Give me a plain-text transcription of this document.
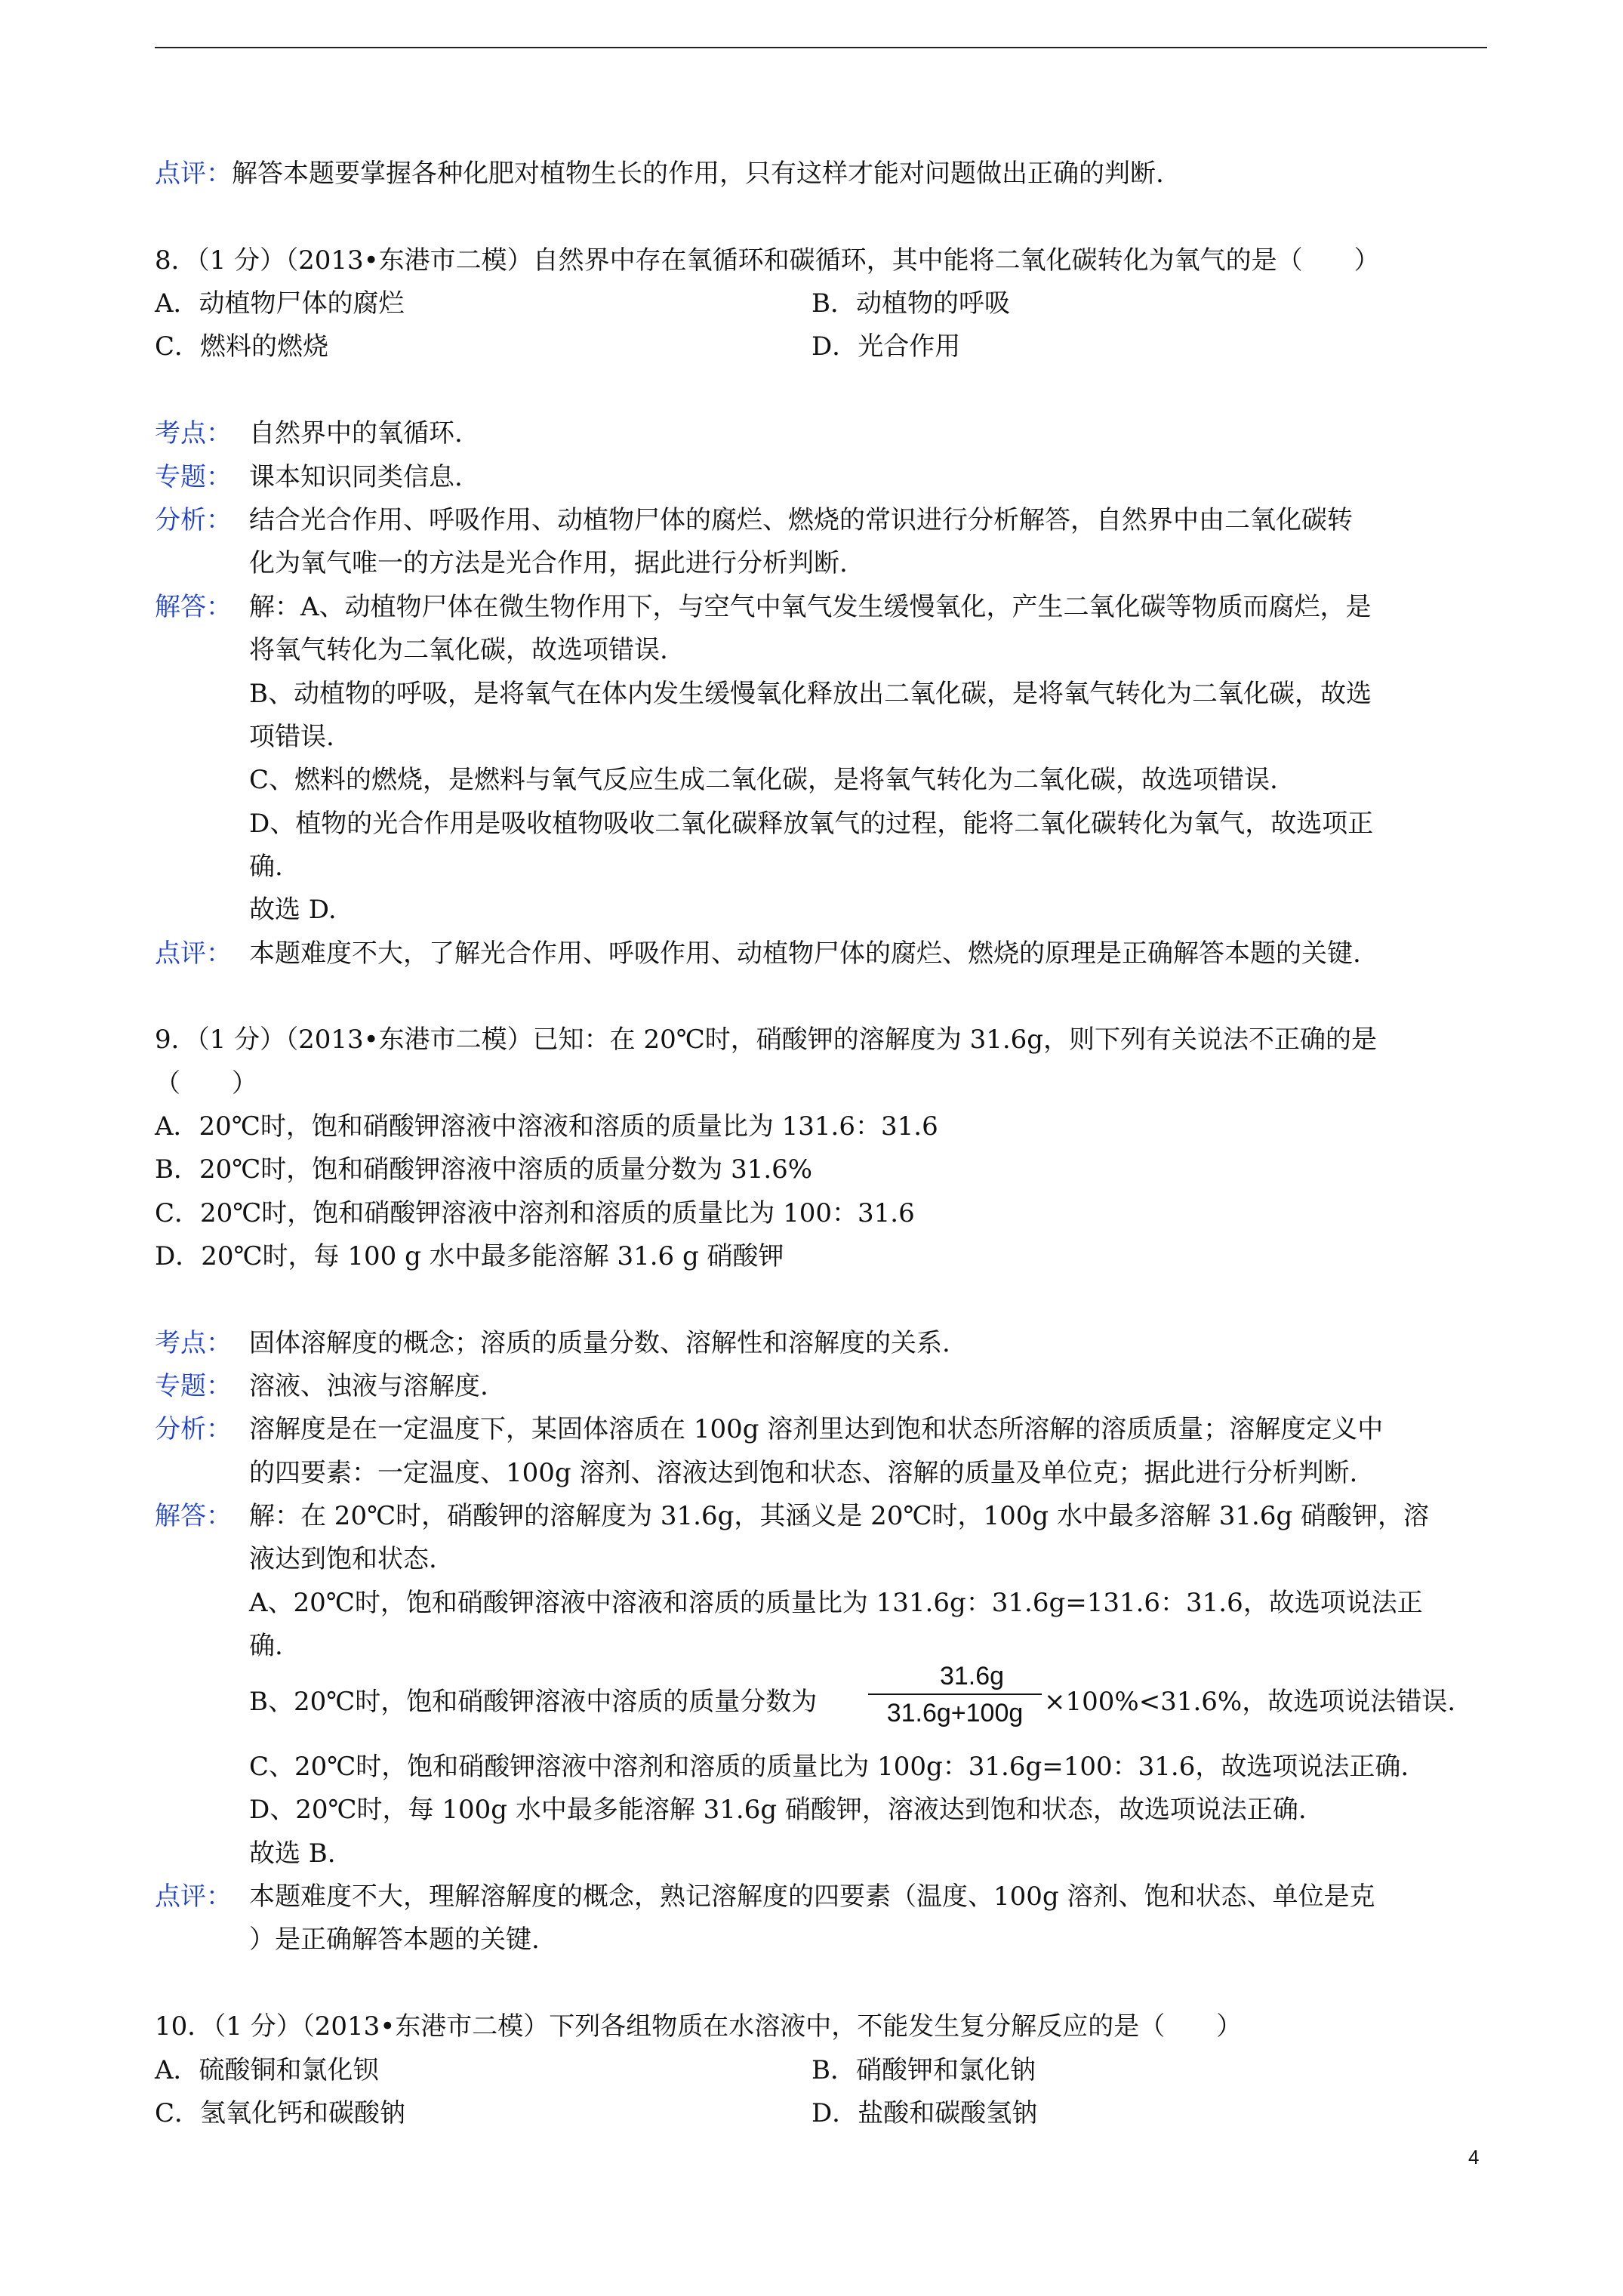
点评：解答本题要掌握各种化肥对植物生长的作用，只有这样才能对问题做出正确的判断.
8．（1 分）（2013•东港市二模）自然界中存在氧循环和碳循环，其中能将二氧化碳转化为氧气的是（　　）
A．动植物尸体的腐烂	B．动植物的呼吸
C．燃料的燃烧	D．光合作用
考点： 自然界中的氧循环.
专题： 课本知识同类信息.
分析： 结合光合作用、呼吸作用、动植物尸体的腐烂、燃烧的常识进行分析解答，自然界中由二氧化碳转
化为氧气唯一的方法是光合作用，据此进行分析判断.
解答： 解：A、动植物尸体在微生物作用下，与空气中氧气发生缓慢氧化，产生二氧化碳等物质而腐烂，是
将氧气转化为二氧化碳，故选项错误.
B、动植物的呼吸，是将氧气在体内发生缓慢氧化释放出二氧化碳，是将氧气转化为二氧化碳，故选
项错误.
C、燃料的燃烧，是燃料与氧气反应生成二氧化碳，是将氧气转化为二氧化碳，故选项错误.
D、植物的光合作用是吸收植物吸收二氧化碳释放氧气的过程，能将二氧化碳转化为氧气，故选项正
确.
故选 D.
点评： 本题难度不大，了解光合作用、呼吸作用、动植物尸体的腐烂、燃烧的原理是正确解答本题的关键.
9．（1 分）（2013•东港市二模）已知：在 20℃时，硝酸钾的溶解度为 31.6g，则下列有关说法不正确的是
（　　）
A．20℃时，饱和硝酸钾溶液中溶液和溶质的质量比为 131.6：31.6
B．20℃时，饱和硝酸钾溶液中溶质的质量分数为 31.6%
C．20℃时，饱和硝酸钾溶液中溶剂和溶质的质量比为 100：31.6
D．20℃时，每 100 g 水中最多能溶解 31.6 g 硝酸钾
考点： 固体溶解度的概念；溶质的质量分数、溶解性和溶解度的关系.
专题： 溶液、浊液与溶解度.
分析： 溶解度是在一定温度下，某固体溶质在 100g 溶剂里达到饱和状态所溶解的溶质质量；溶解度定义中
的四要素：一定温度、100g 溶剂、溶液达到饱和状态、溶解的质量及单位克；据此进行分析判断.
解答： 解：在 20℃时，硝酸钾的溶解度为 31.6g，其涵义是 20℃时，100g 水中最多溶解 31.6g 硝酸钾，溶
液达到饱和状态.
A、20℃时，饱和硝酸钾溶液中溶液和溶质的质量比为 131.6g：31.6g=131.6：31.6，故选项说法正
确.
B、20℃时，饱和硝酸钾溶液中溶质的质量分数为
31.6g
31.6g+100g ×100%<31.6%，故选项说法错误.
C、20℃时，饱和硝酸钾溶液中溶剂和溶质的质量比为 100g：31.6g=100：31.6，故选项说法正确.
D、20℃时，每 100g 水中最多能溶解 31.6g 硝酸钾，溶液达到饱和状态，故选项说法正确.
故选 B.
点评： 本题难度不大，理解溶解度的概念，熟记溶解度的四要素（温度、100g 溶剂、饱和状态、单位是克
）是正确解答本题的关键.
10．（1 分）（2013•东港市二模）下列各组物质在水溶液中，不能发生复分解反应的是（　　）
A．硫酸铜和氯化钡	B．硝酸钾和氯化钠
C．氢氧化钙和碳酸钠	D．盐酸和碳酸氢钠
4
